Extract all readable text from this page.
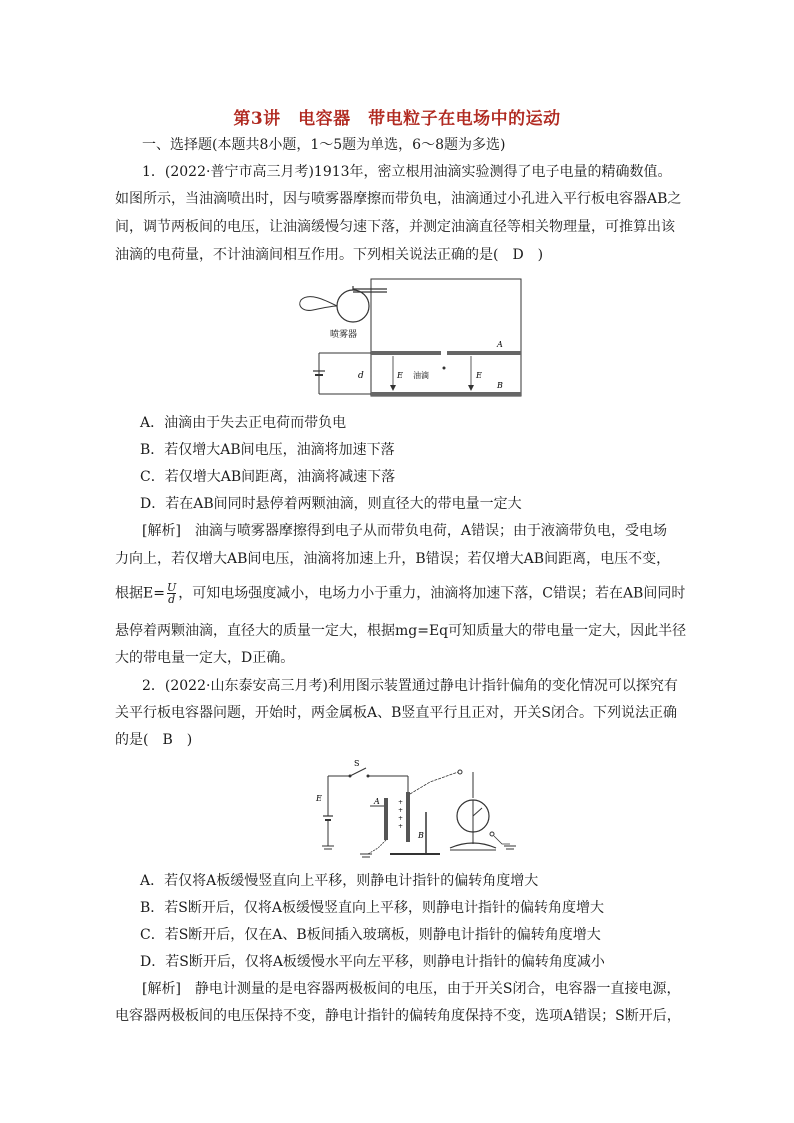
第3讲　电容器　带电粒子在电场中的运动
一、选择题(本题共8小题，1～5题为单选，6～8题为多选)
1．(2022·普宁市高三月考)1913年，密立根用油滴实验测得了电子电量的精确数值。
如图所示，当油滴喷出时，因与喷雾器摩擦而带负电，油滴通过小孔进入平行板电容器AB之
间，调节两板间的电压，让油滴缓慢匀速下落，并测定油滴直径等相关物理量，可推算出该
油滴的电荷量，不计油滴间相互作用。下列相关说法正确的是(　D　)
喷雾器
A
B
d	E	E
油滴
A．油滴由于失去正电荷而带负电
B．若仅增大AB间电压，油滴将加速下落
C．若仅增大AB间距离，油滴将减速下落
D．若在AB间同时悬停着两颗油滴，则直径大的带电量一定大
[解析]　油滴与喷雾器摩擦得到电子从而带负电荷，A错误；由于液滴带负电，受电场
力向上，若仅增大AB间电压，油滴将加速上升，B错误；若仅增大AB间距离，电压不变，
根据$E= \frac{U}{d}$ ，可知电场强度减小，电场力小于重力，油滴将加速下落，C错误；若在AB间同时
悬停着两颗油滴，直径大的质量一定大，根据mg=Eq可知质量大的带电量一定大，因此半径
大的带电量一定大，D正确。
2．(2022·山东泰安高三月考)利用图示装置通过静电计指针偏角的变化情况可以探究有
关平行板电容器问题，开始时，两金属板A、B竖直平行且正对，开关S闭合。下列说法正确
的是(　B　)
E
S
A	+
+
+
+
B
A．若仅将A板缓慢竖直向上平移，则静电计指针的偏转角度增大
B．若S断开后，仅将A板缓慢竖直向上平移，则静电计指针的偏转角度增大
C．若S断开后，仅在A、B板间插入玻璃板，则静电计指针的偏转角度增大
D．若S断开后，仅将A板缓慢水平向左平移，则静电计指针的偏转角度减小
[解析]　静电计测量的是电容器两极板间的电压，由于开关S闭合，电容器一直接电源，
电容器两极板间的电压保持不变，静电计指针的偏转角度保持不变，选项A错误；S断开后，
